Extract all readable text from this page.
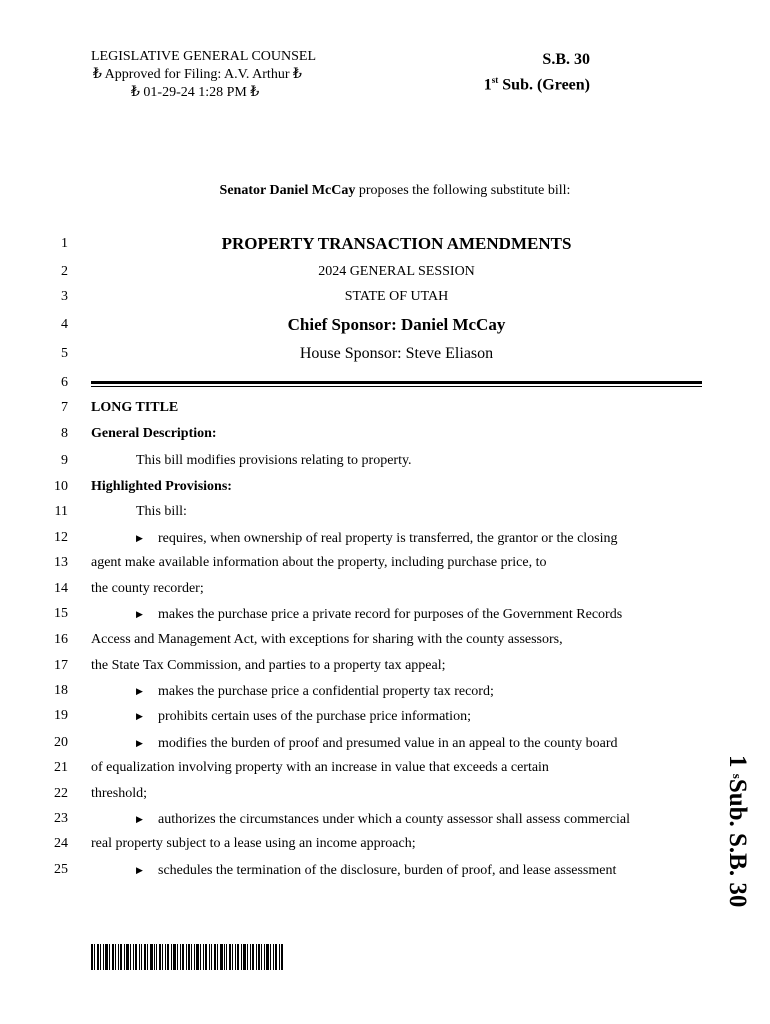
LEGISLATIVE GENERAL COUNSEL
₺ Approved for Filing: A.V. Arthur ₺
₺ 01-29-24 1:28 PM ₺
S.B. 30
1st Sub. (Green)
Senator Daniel McCay proposes the following substitute bill:
1	PROPERTY TRANSACTION AMENDMENTS
2	2024 GENERAL SESSION
3	STATE OF UTAH
4	Chief Sponsor: Daniel McCay
5	House Sponsor: Steve Eliason
6
7 LONG TITLE
8 General Description:
9	This bill modifies provisions relating to property.
10 Highlighted Provisions:
11	This bill:
12	▶ requires, when ownership of real property is transferred, the grantor or the closing
13 agent make available information about the property, including purchase price, to
14 the county recorder;
15	▶ makes the purchase price a private record for purposes of the Government Records
16 Access and Management Act, with exceptions for sharing with the county assessors,
17 the State Tax Commission, and parties to a property tax appeal;
18	▶ makes the purchase price a confidential property tax record;
19	▶ prohibits certain uses of the purchase price information;
20	▶ modifies the burden of proof and presumed value in an appeal to the county board
21 of equalization involving property with an increase in value that exceeds a certain
22 threshold;
23	▶ authorizes the circumstances under which a county assessor shall assess commercial
24 real property subject to a lease using an income approach;
25	▶ schedules the termination of the disclosure, burden of proof, and lease assessment
1 sSub. S.B. 30
